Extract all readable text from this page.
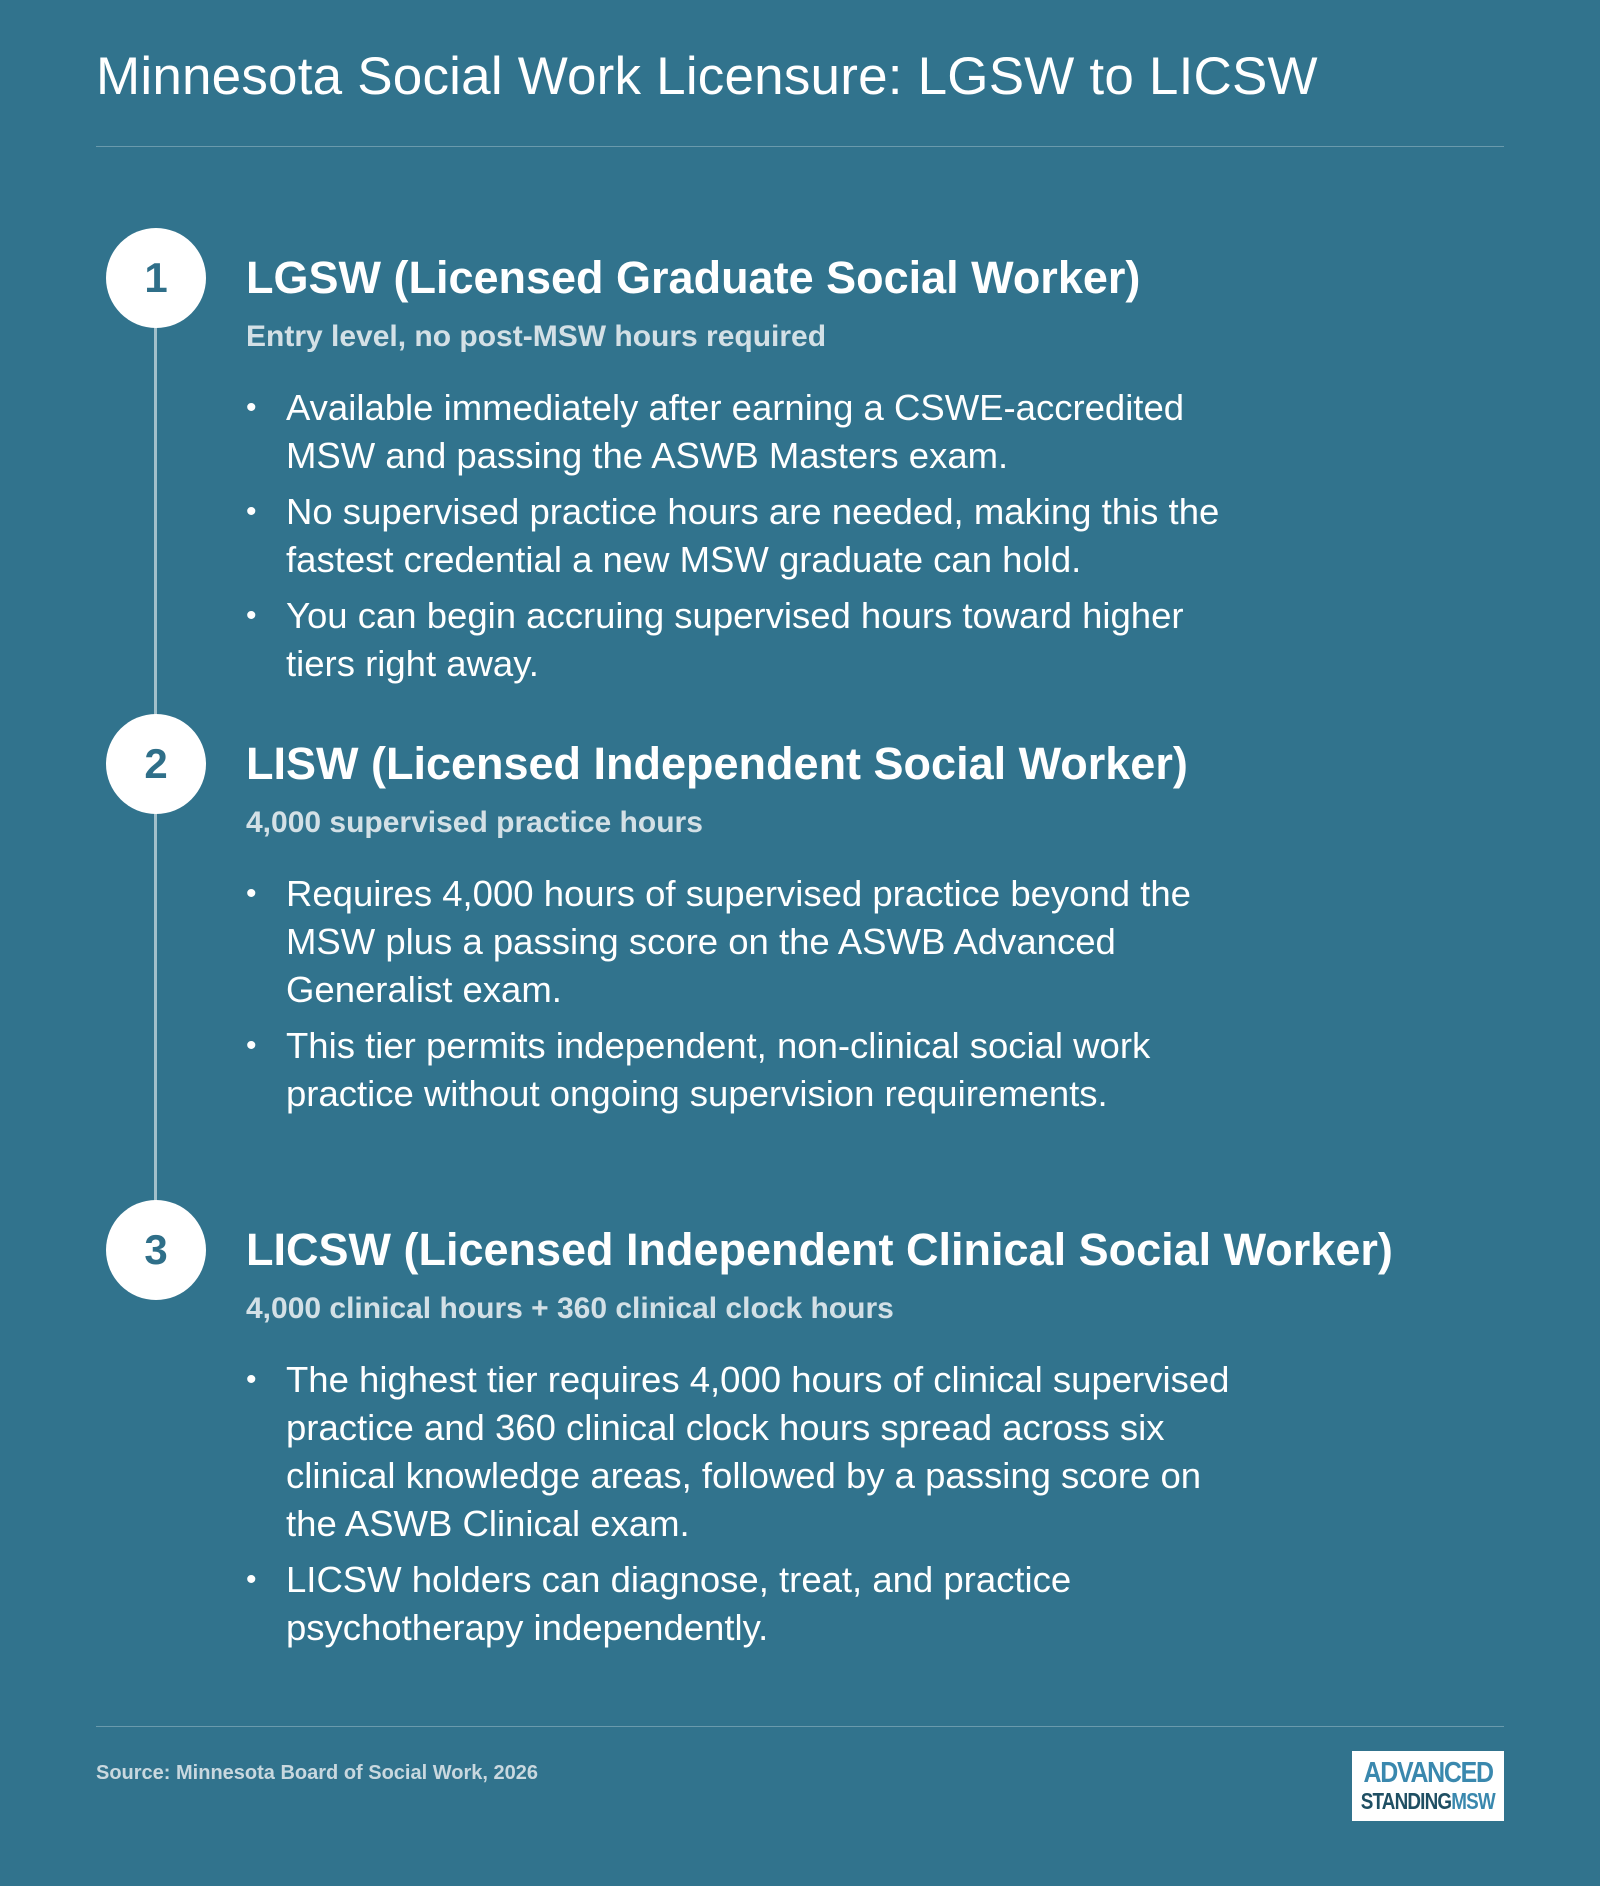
Minnesota Social Work Licensure: LGSW to LICSW
1	LGSW (Licensed Graduate Social Worker)
Entry level, no post-MSW hours required
• Available immediately after earning a CSWE-accredited MSW and passing the ASWB Masters exam.
• No supervised practice hours are needed, making this the fastest credential a new MSW graduate can hold.
• You can begin accruing supervised hours toward higher tiers right away.
2	LISW (Licensed Independent Social Worker)
4,000 supervised practice hours
• Requires 4,000 hours of supervised practice beyond the MSW plus a passing score on the ASWB Advanced Generalist exam.
• This tier permits independent, non-clinical social work practice without ongoing supervision requirements.
3	LICSW (Licensed Independent Clinical Social Worker)
4,000 clinical hours + 360 clinical clock hours
• The highest tier requires 4,000 hours of clinical supervised practice and 360 clinical clock hours spread across six clinical knowledge areas, followed by a passing score on the ASWB Clinical exam.
• LICSW holders can diagnose, treat, and practice psychotherapy independently.
Source: Minnesota Board of Social Work, 2026	ADVANCED
STANDINGMSW
